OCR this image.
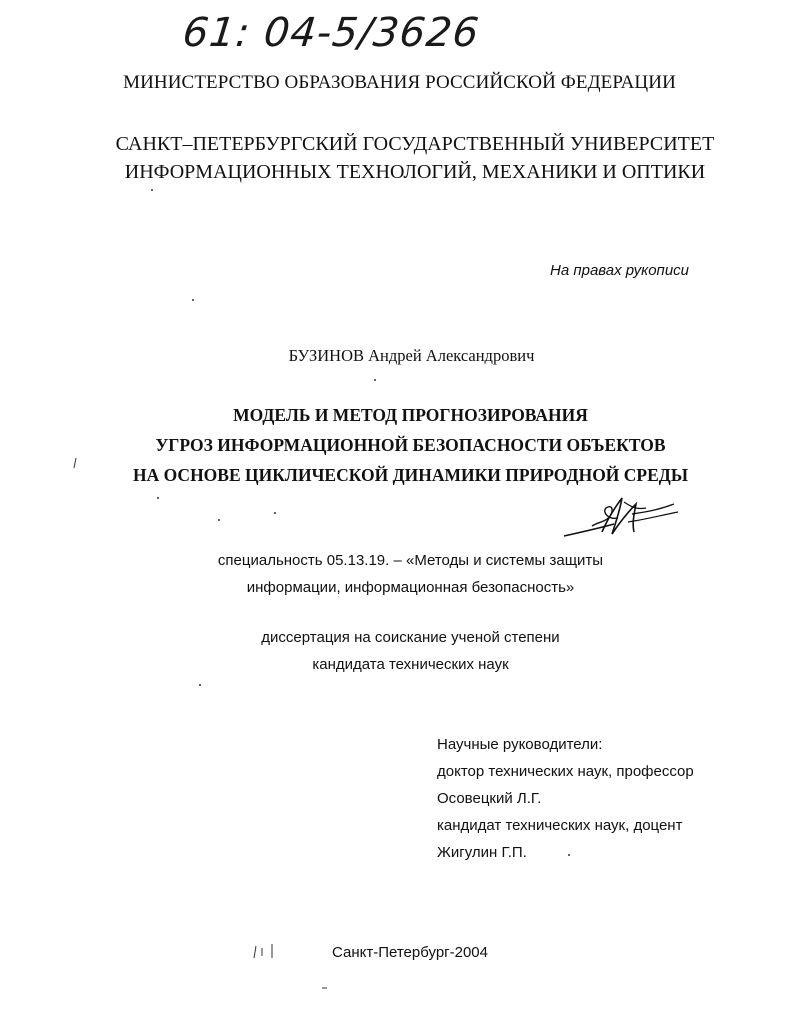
61: 04-5/3626
МИНИСТЕРСТВО ОБРАЗОВАНИЯ РОССИЙСКОЙ ФЕДЕРАЦИИ
САНКТ–ПЕТЕРБУРГСКИЙ ГОСУДАРСТВЕННЫЙ УНИВЕРСИТЕТ
ИНФОРМАЦИОННЫХ ТЕХНОЛОГИЙ, МЕХАНИКИ И ОПТИКИ
На правах рукописи
БУЗИНОВ Андрей Александрович
МОДЕЛЬ И МЕТОД ПРОГНОЗИРОВАНИЯ
УГРОЗ ИНФОРМАЦИОННОЙ БЕЗОПАСНОСТИ ОБЪЕКТОВ
НА ОСНОВЕ ЦИКЛИЧЕСКОЙ ДИНАМИКИ ПРИРОДНОЙ СРЕДЫ
специальность 05.13.19. – «Методы и системы защиты
информации, информационная безопасность»
диссертация на соискание ученой степени
кандидата технических наук
Научные руководители:
доктор технических наук, профессор
Осовецкий Л.Г.
кандидат технических наук, доцент
Жигулин Г.П.
Санкт-Петербург-2004
